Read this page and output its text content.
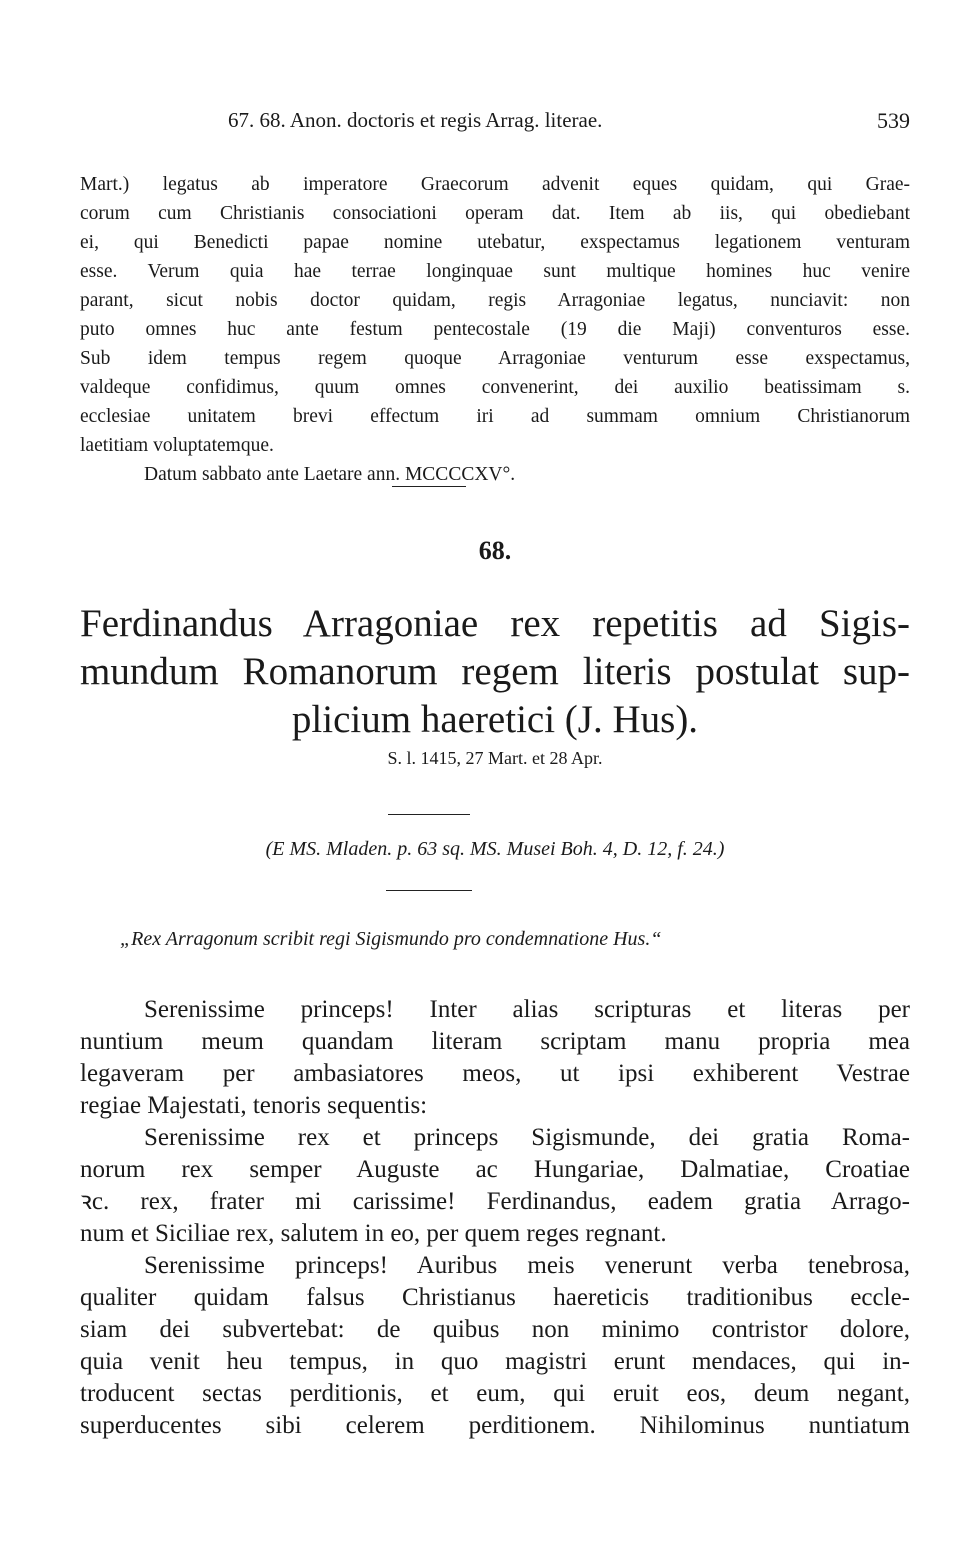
67. 68. Anon. doctoris et regis Arrag. literae.	539
Mart.) legatus ab imperatore Graecorum advenit eques quidam, qui Grae-
corum cum Christianis consociationi operam dat. Item ab iis, qui obediebant
ei, qui Benedicti papae nomine utebatur, exspectamus legationem venturam
esse. Verum quia hae terrae longinquae sunt multique homines huc venire
parant, sicut nobis doctor quidam, regis Arragoniae legatus, nunciavit: non
puto omnes huc ante festum pentecostale (19 die Maji) conventuros esse.
Sub idem tempus regem quoque Arragoniae venturum esse exspectamus,
valdeque confidimus, quum omnes convenerint, dei auxilio beatissimam s.
ecclesiae unitatem brevi effectum iri ad summam omnium Christianorum
laetitiam voluptatemque.
Datum sabbato ante Laetare ann. MCCCCXV°.
68.
Ferdinandus Arragoniae rex repetitis ad Sigis-
mundum Romanorum regem literis postulat sup-
plicium haeretici (J. Hus).
S. l. 1415, 27 Mart. et 28 Apr.
(E MS. Mladen. p. 63 sq. MS. Musei Boh. 4, D. 12, f. 24.)
„Rex Arragonum scribit regi Sigismundo pro condemnatione Hus.“
Serenissime princeps! Inter alias scripturas et literas per
nuntium meum quandam literam scriptam manu propria mea
legaveram per ambasiatores meos, ut ipsi exhiberent Vestrae
regiae Majestati, tenoris sequentis:
Serenissime rex et princeps Sigismunde, dei gratia Roma-
norum rex semper Auguste ac Hungariae, Dalmatiae, Croatiae
ꝛc. rex, frater mi carissime! Ferdinandus, eadem gratia Arrago-
num et Siciliae rex, salutem in eo, per quem reges regnant.
Serenissime princeps! Auribus meis venerunt verba tenebrosa,
qualiter quidam falsus Christianus haereticis traditionibus eccle-
siam dei subvertebat: de quibus non minimo contristor dolore,
quia venit heu tempus, in quo magistri erunt mendaces, qui in-
troducent sectas perditionis, et eum, qui eruit eos, deum negant,
superducentes sibi celerem perditionem. Nihilominus nuntiatum
